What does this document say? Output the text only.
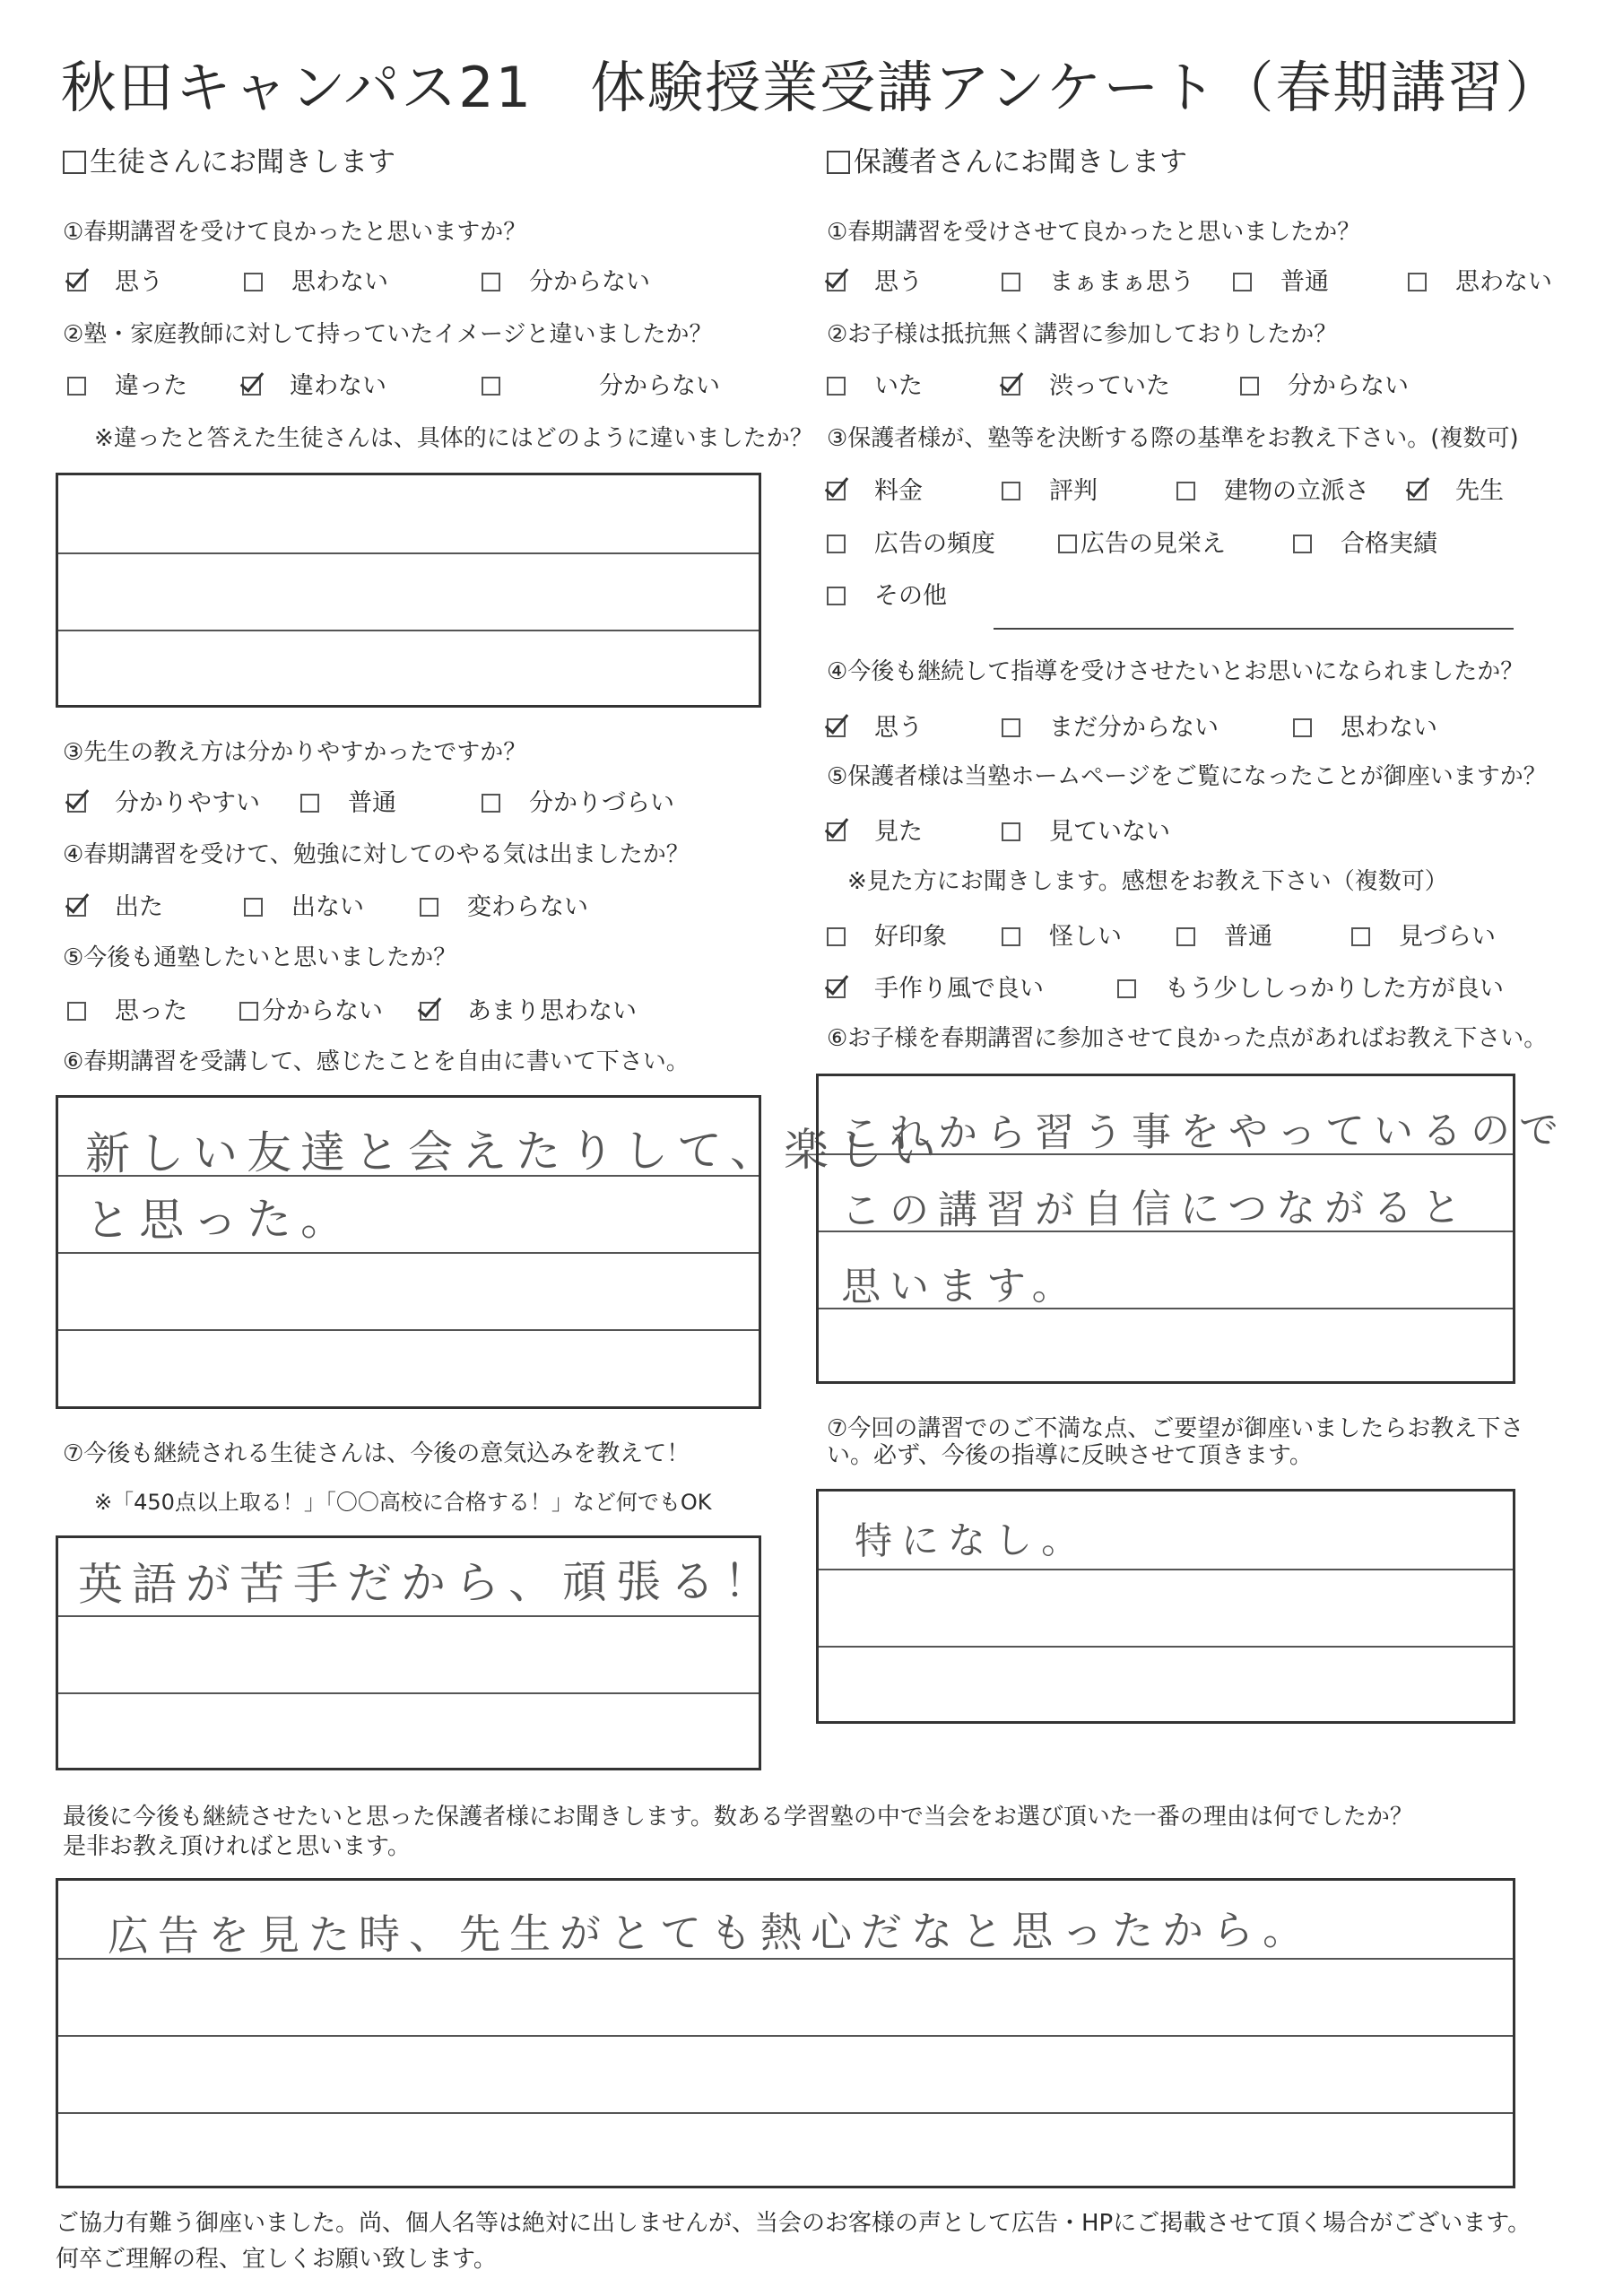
秋田キャンパス21　体験授業受講アンケート（春期講習）
生徒さんにお聞きします
①春期講習を受けて良かったと思いますか？
思う	思わない	分からない
②塾・家庭教師に対して持っていたイメージと違いましたか？
違った	違わない	分からない
※違ったと答えた生徒さんは、具体的にはどのように違いましたか？
③先生の教え方は分かりやすかったですか？
分かりやすい	普通	分かりづらい
④春期講習を受けて、勉強に対してのやる気は出ましたか？
出た	出ない	変わらない
⑤今後も通塾したいと思いましたか？
思った	分からない	あまり思わない
⑥春期講習を受講して、感じたことを自由に書いて下さい。
新しい友達と会えたりして、楽しい
と思った。
⑦今後も継続される生徒さんは、今後の意気込みを教えて！
※「450点以上取る！」「〇〇高校に合格する！」など何でもOK
英語が苦手だから、頑張る！
保護者さんにお聞きします
①春期講習を受けさせて良かったと思いましたか？
思う	まぁまぁ思う	普通	思わない
②お子様は抵抗無く講習に参加しておりしたか？
いた	渋っていた	分からない
③保護者様が、塾等を決断する際の基準をお教え下さい。(複数可)
料金	評判	建物の立派さ	先生
広告の頻度	広告の見栄え	合格実績
その他
④今後も継続して指導を受けさせたいとお思いになられましたか？
思う	まだ分からない	思わない
⑤保護者様は当塾ホームページをご覧になったことが御座いますか？
見た	見ていない
※見た方にお聞きします。感想をお教え下さい（複数可）
好印象	怪しい	普通	見づらい
手作り風で良い	もう少ししっかりした方が良い
⑥お子様を春期講習に参加させて良かった点があればお教え下さい。
これから習う事をやっているので
この講習が自信につながると
思います。
⑦今回の講習でのご不満な点、ご要望が御座いましたらお教え下さ
い。必ず、今後の指導に反映させて頂きます。
特になし。
最後に今後も継続させたいと思った保護者様にお聞きします。数ある学習塾の中で当会をお選び頂いた一番の理由は何でしたか？
是非お教え頂ければと思います。
広告を見た時、先生がとても熱心だなと思ったから。
ご協力有難う御座いました。尚、個人名等は絶対に出しませんが、当会のお客様の声として広告・HPにご掲載させて頂く場合がございます。
何卒ご理解の程、宜しくお願い致します。
